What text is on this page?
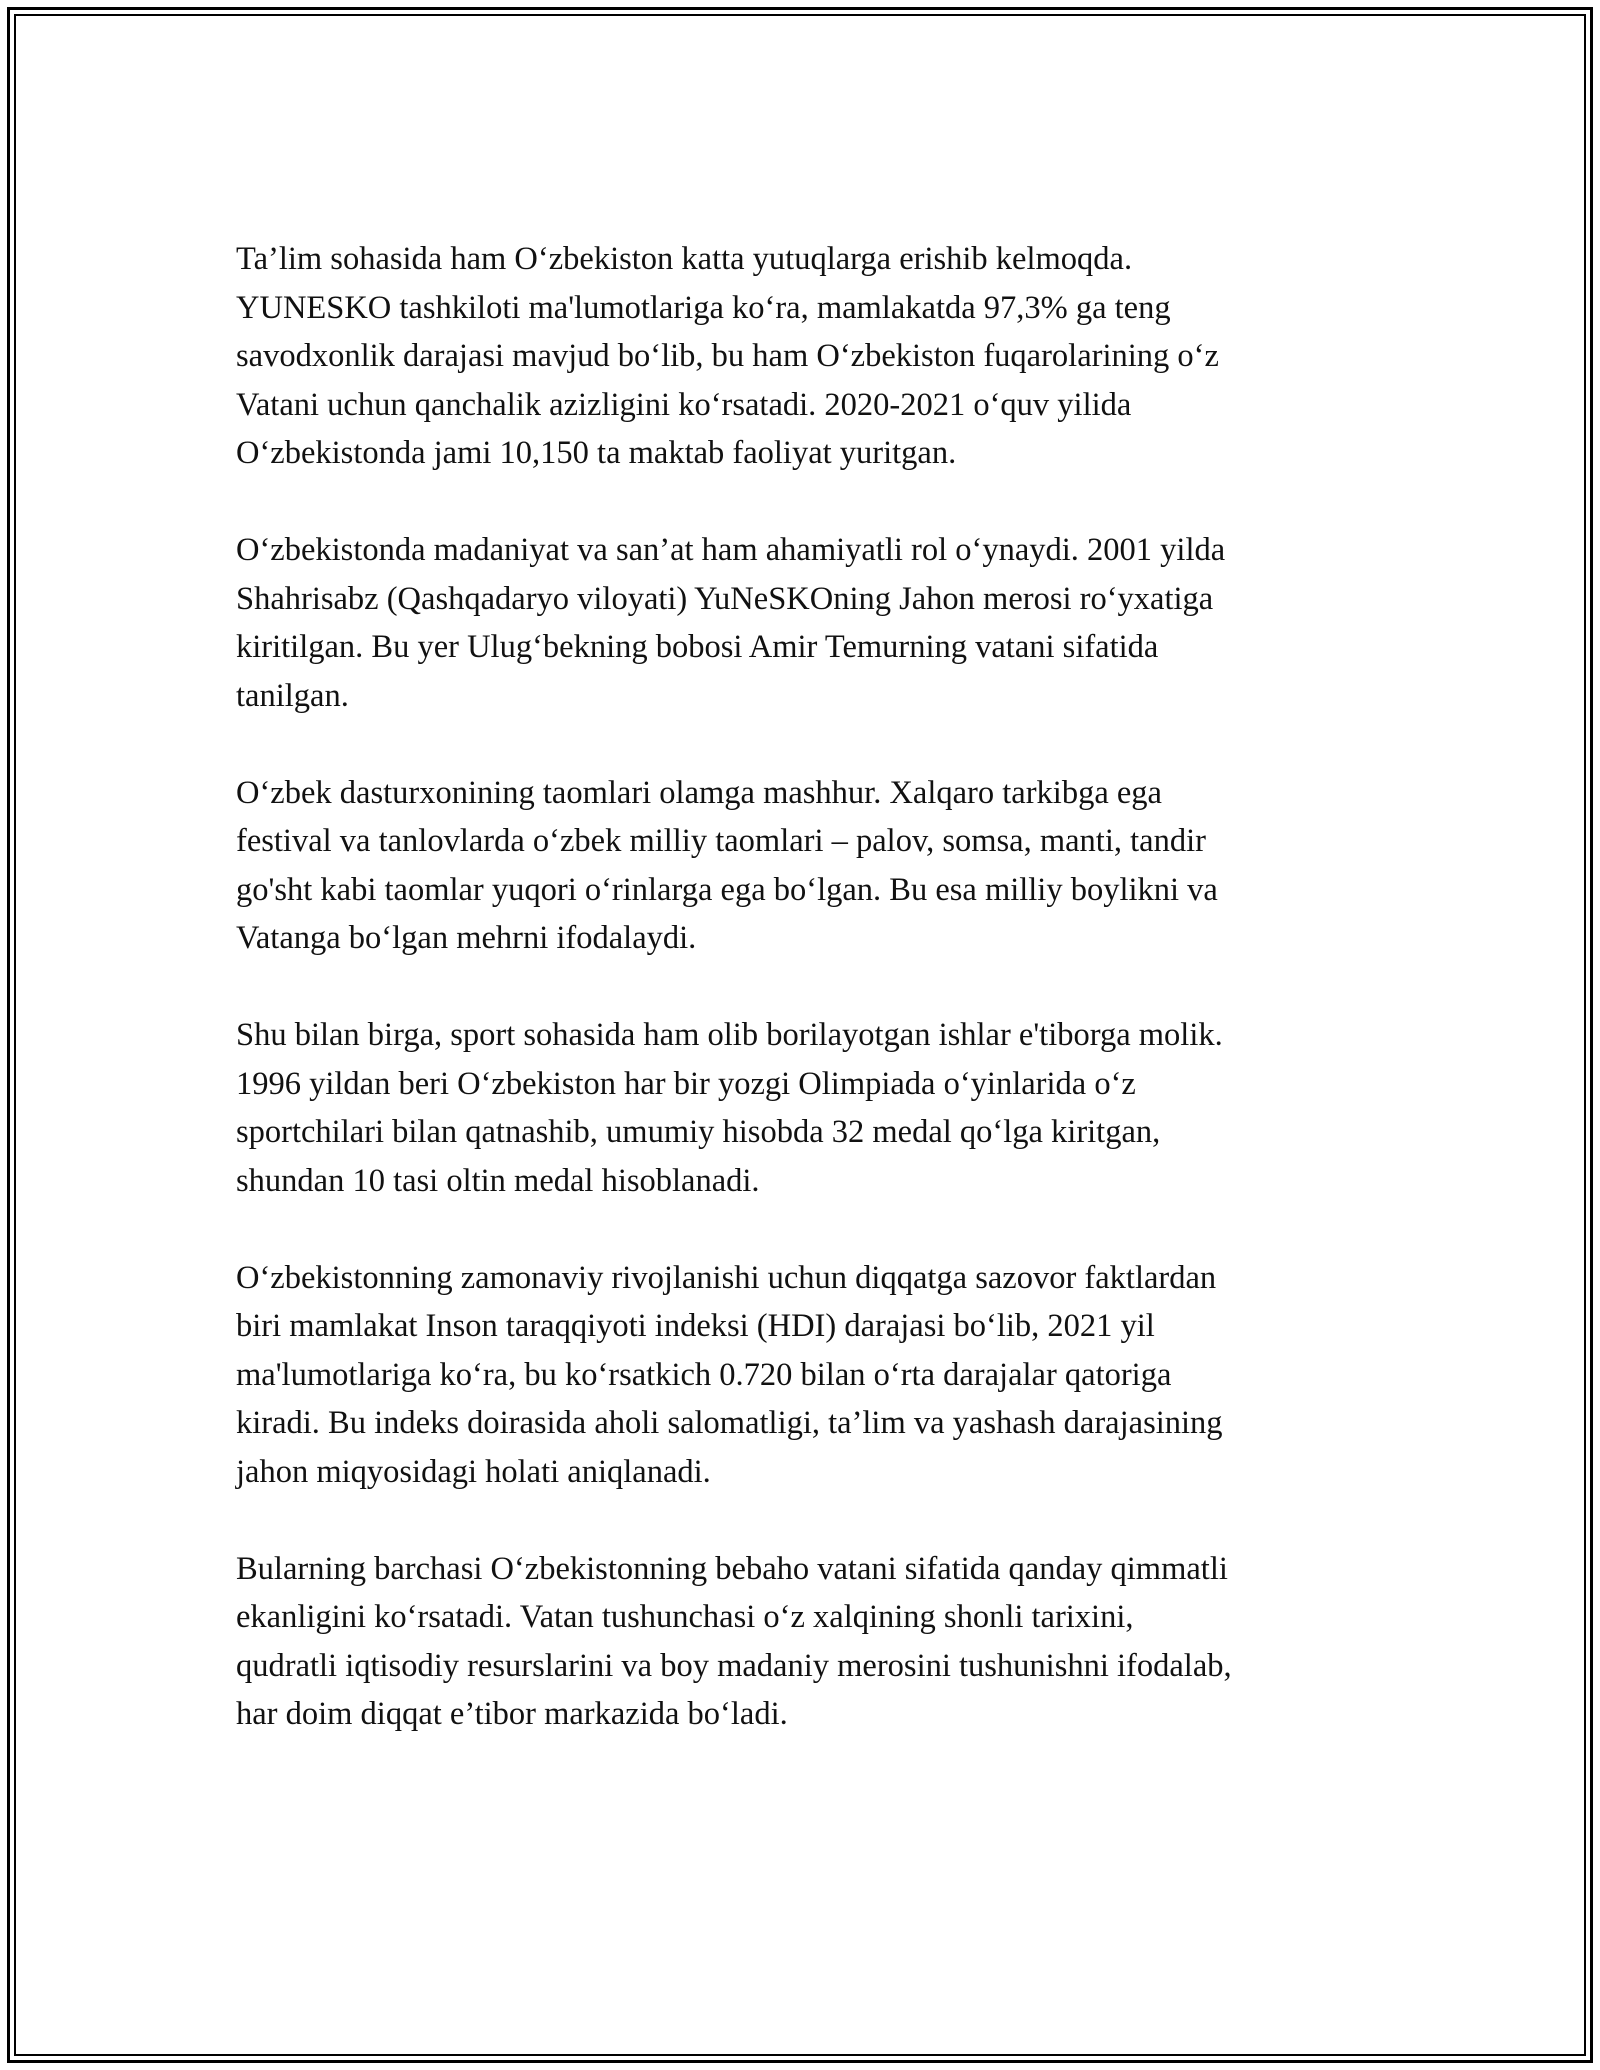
Ta’lim sohasida ham O‘zbekiston katta yutuqlarga erishib kelmoqda.
YUNESKO tashkiloti ma'lumotlariga ko‘ra, mamlakatda 97,3% ga teng
savodxonlik darajasi mavjud bo‘lib, bu ham O‘zbekiston fuqarolarining o‘z
Vatani uchun qanchalik azizligini ko‘rsatadi. 2020-2021 o‘quv yilida
O‘zbekistonda jami 10,150 ta maktab faoliyat yuritgan.

O‘zbekistonda madaniyat va san’at ham ahamiyatli rol o‘ynaydi. 2001 yilda
Shahrisabz (Qashqadaryo viloyati) YuNeSKOning Jahon merosi ro‘yxatiga
kiritilgan. Bu yer Ulug‘bekning bobosi Amir Temurning vatani sifatida
tanilgan.

O‘zbek dasturxonining taomlari olamga mashhur. Xalqaro tarkibga ega
festival va tanlovlarda o‘zbek milliy taomlari – palov, somsa, manti, tandir
go'sht kabi taomlar yuqori o‘rinlarga ega bo‘lgan. Bu esa milliy boylikni va
Vatanga bo‘lgan mehrni ifodalaydi.

Shu bilan birga, sport sohasida ham olib borilayotgan ishlar e'tiborga molik.
1996 yildan beri O‘zbekiston har bir yozgi Olimpiada o‘yinlarida o‘z
sportchilari bilan qatnashib, umumiy hisobda 32 medal qo‘lga kiritgan,
shundan 10 tasi oltin medal hisoblanadi.

O‘zbekistonning zamonaviy rivojlanishi uchun diqqatga sazovor faktlardan
biri mamlakat Inson taraqqiyoti indeksi (HDI) darajasi bo‘lib, 2021 yil
ma'lumotlariga ko‘ra, bu ko‘rsatkich 0.720 bilan o‘rta darajalar qatoriga
kiradi. Bu indeks doirasida aholi salomatligi, ta’lim va yashash darajasining
jahon miqyosidagi holati aniqlanadi.

Bularning barchasi O‘zbekistonning bebaho vatani sifatida qanday qimmatli
ekanligini ko‘rsatadi. Vatan tushunchasi o‘z xalqining shonli tarixini,
qudratli iqtisodiy resurslarini va boy madaniy merosini tushunishni ifodalab,
har doim diqqat e’tibor markazida bo‘ladi.
